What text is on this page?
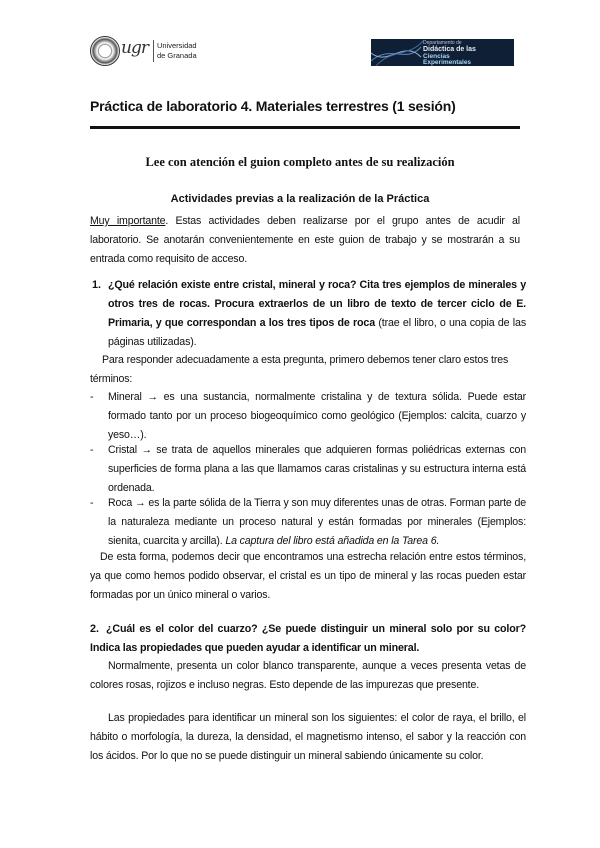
ugr Universidad
de Granada
Departamento de
Didáctica de las
Ciencias
Experimentales
Práctica de laboratorio 4. Materiales terrestres (1 sesión)
Lee con atención el guion completo antes de su realización
Actividades previas a la realización de la Práctica
Muy importante. Estas actividades deben realizarse por el grupo antes de acudir al laboratorio. Se anotarán convenientemente en este guion de trabajo y se mostrarán a su entrada como requisito de acceso.
1. ¿Qué relación existe entre cristal, mineral y roca? Cita tres ejemplos de minerales y otros tres de rocas. Procura extraerlos de un libro de texto de tercer ciclo de E. Primaria, y que correspondan a los tres tipos de roca (trae el libro, o una copia de las páginas utilizadas).
Para responder adecuadamente a esta pregunta, primero debemos tener claro estos tres términos:
- Mineral → es una sustancia, normalmente cristalina y de textura sólida. Puede estar formado tanto por un proceso biogeoquímico como geológico (Ejemplos: calcita, cuarzo y yeso…).
- Cristal → se trata de aquellos minerales que adquieren formas poliédricas externas con superficies de forma plana a las que llamamos caras cristalinas y su estructura interna está ordenada.
- Roca → es la parte sólida de la Tierra y son muy diferentes unas de otras. Forman parte de la naturaleza mediante un proceso natural y están formadas por minerales (Ejemplos: sienita, cuarcita y arcilla). La captura del libro está añadida en la Tarea 6.
De esta forma, podemos decir que encontramos una estrecha relación entre estos términos, ya que como hemos podido observar, el cristal es un tipo de mineral y las rocas pueden estar formadas por un único mineral o varios.
2. ¿Cuál es el color del cuarzo? ¿Se puede distinguir un mineral solo por su color? Indica las propiedades que pueden ayudar a identificar un mineral.
Normalmente, presenta un color blanco transparente, aunque a veces presenta vetas de colores rosas, rojizos e incluso negras. Esto depende de las impurezas que presente.
Las propiedades para identificar un mineral son los siguientes: el color de raya, el brillo, el hábito o morfología, la dureza, la densidad, el magnetismo intenso, el sabor y la reacción con los ácidos. Por lo que no se puede distinguir un mineral sabiendo únicamente su color.
